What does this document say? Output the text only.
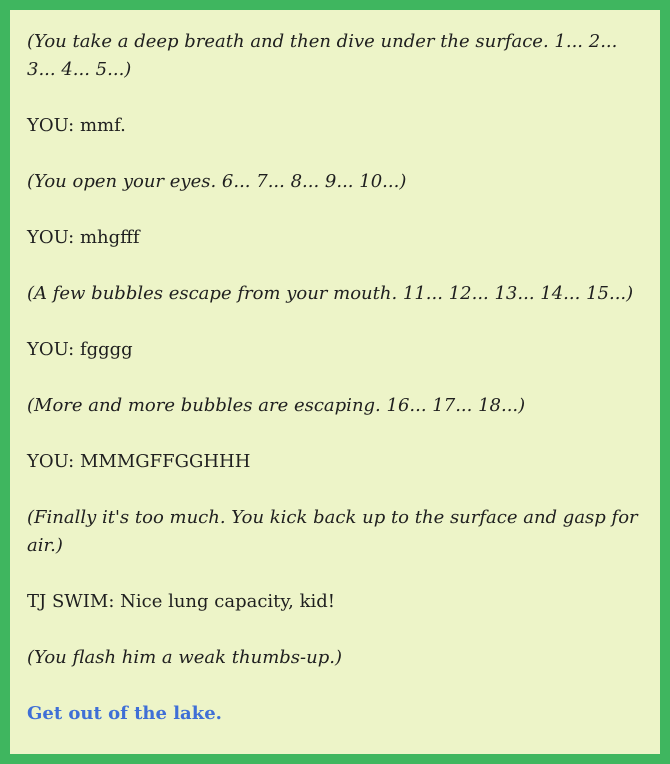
(You take a deep breath and then dive under the surface. 1... 2... 3... 4... 5...)

YOU: mmf.

(You open your eyes. 6... 7... 8... 9... 10...)

YOU: mhgfff

(A few bubbles escape from your mouth. 11... 12... 13... 14... 15...)

YOU: fgggg

(More and more bubbles are escaping. 16... 17... 18...)

YOU: MMMGFFGGHHH

(Finally it's too much. You kick back up to the surface and gasp for air.)

TJ SWIM: Nice lung capacity, kid!

(You flash him a weak thumbs-up.)

Get out of the lake.
